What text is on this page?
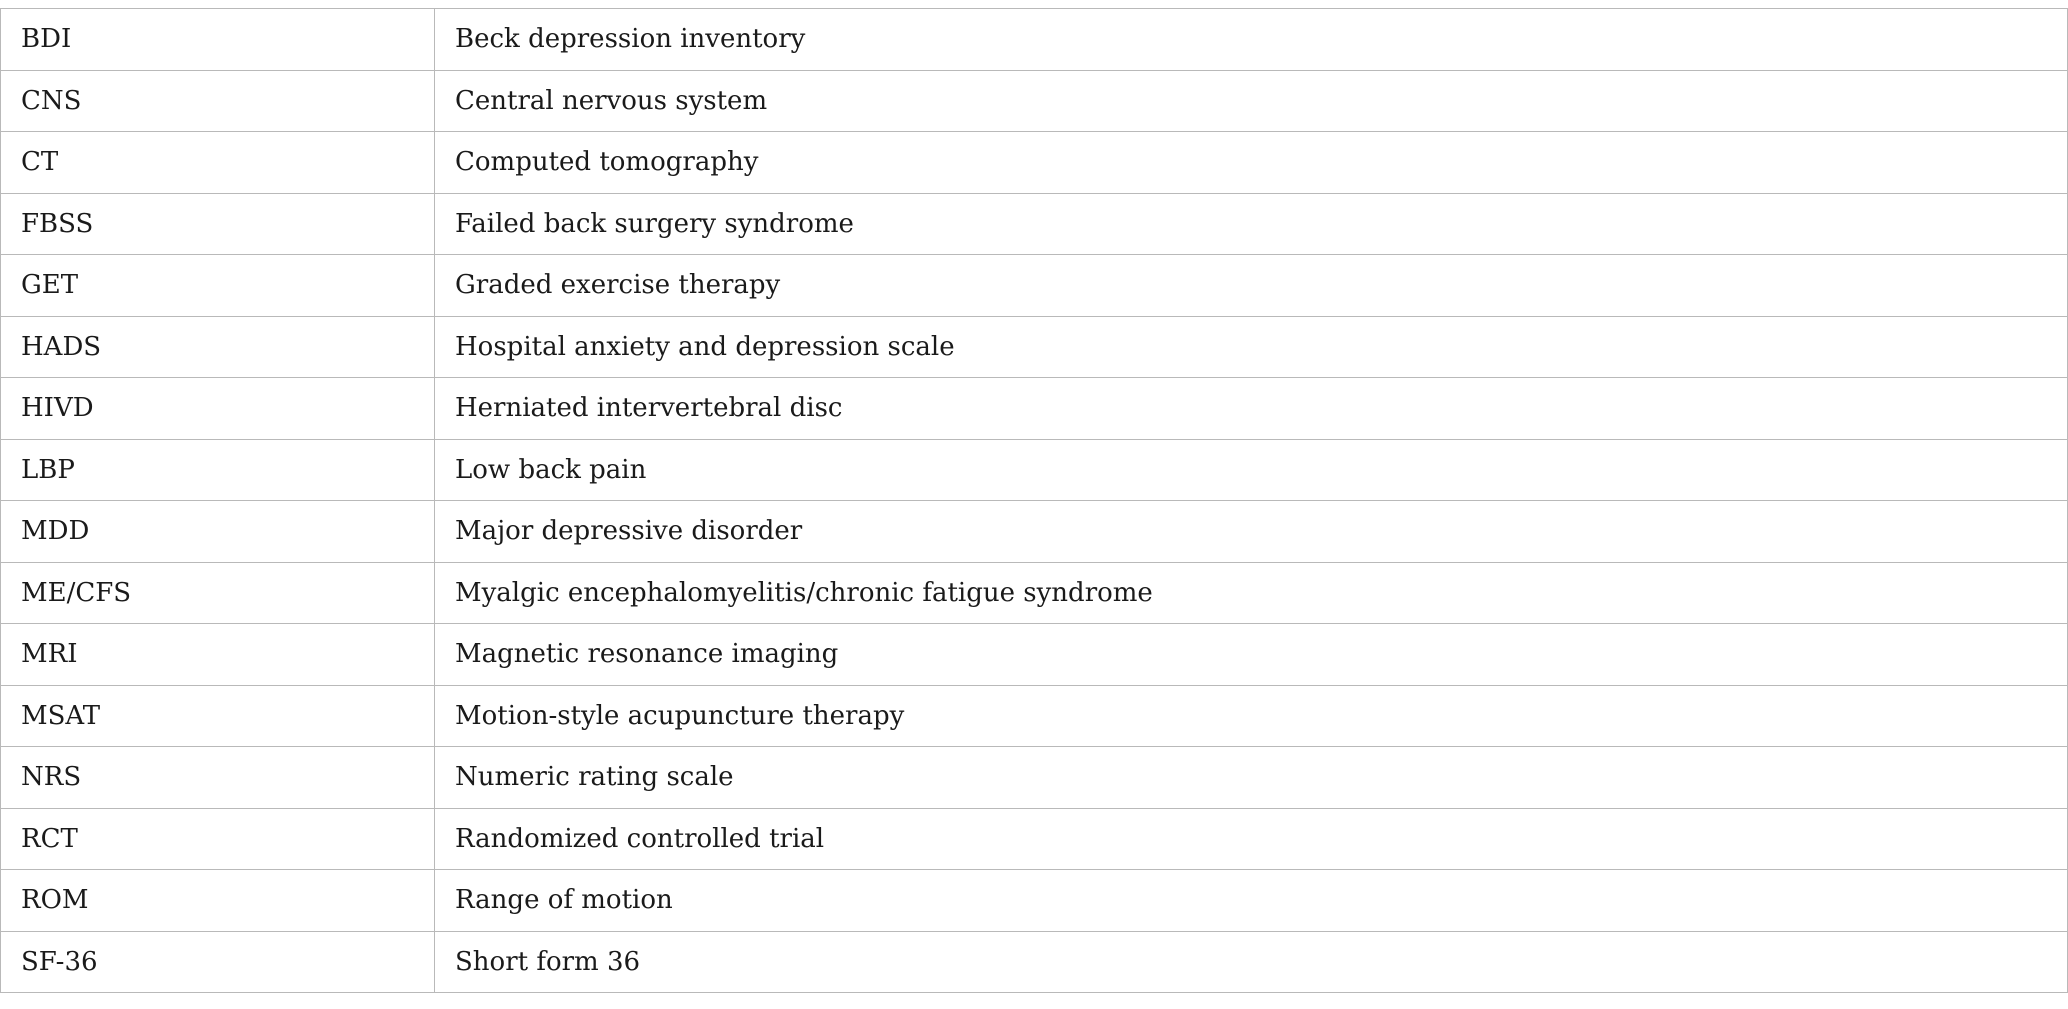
BDI	Beck depression inventory
CNS	Central nervous system
CT	Computed tomography
FBSS	Failed back surgery syndrome
GET	Graded exercise therapy
HADS	Hospital anxiety and depression scale
HIVD	Herniated intervertebral disc
LBP	Low back pain
MDD	Major depressive disorder
ME/CFS	Myalgic encephalomyelitis/chronic fatigue syndrome
MRI	Magnetic resonance imaging
MSAT	Motion-style acupuncture therapy
NRS	Numeric rating scale
RCT	Randomized controlled trial
ROM	Range of motion
SF-36	Short form 36
